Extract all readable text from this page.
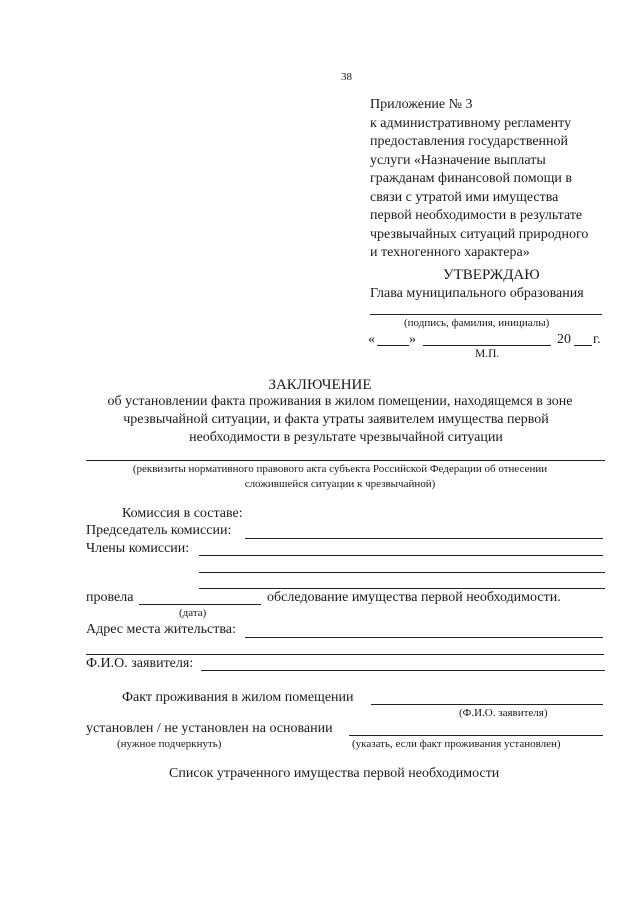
38
Приложение № 3
к административному регламенту
предоставления государственной
услуги «Назначение выплаты
гражданам финансовой помощи в
связи с утратой ими имущества
первой необходимости в результате
чрезвычайных ситуаций природного
и техногенного характера»
УТВЕРЖДАЮ
Глава муниципального образования
(подпись, фамилия, инициалы)
« »	20 г.
М.П.
ЗАКЛЮЧЕНИЕ
об установлении факта проживания в жилом помещении, находящемся в зоне
чрезвычайной ситуации, и факта утраты заявителем имущества первой
необходимости в результате чрезвычайной ситуации
(реквизиты нормативного правового акта субъекта Российской Федерации об отнесении
сложившейся ситуации к чрезвычайной)
Комиссия в составе:
Председатель комиссии:
Члены комиссии:
провела	обследование имущества первой необходимости.
(дата)
Адрес места жительства:
Ф.И.О. заявителя:
Факт проживания в жилом помещении
(Ф.И.О. заявителя)
установлен / не установлен на основании
(нужное подчеркнуть)	(указать, если факт проживания установлен)
Список утраченного имущества первой необходимости
